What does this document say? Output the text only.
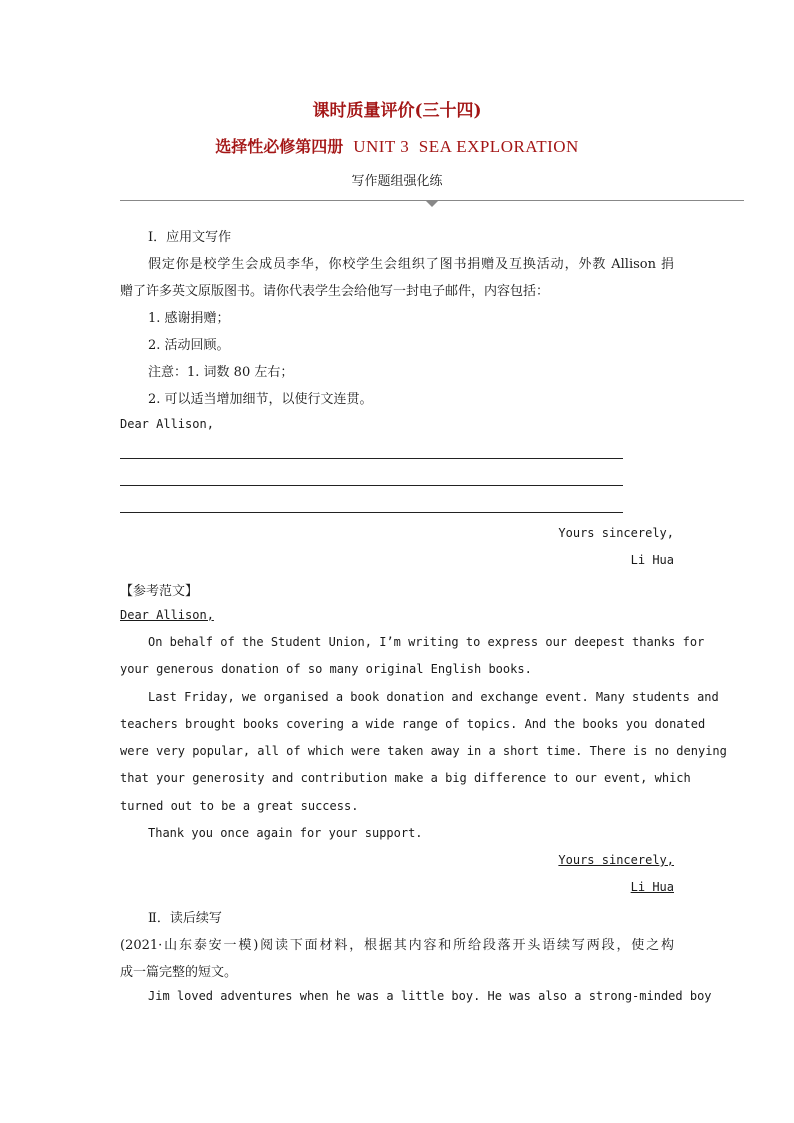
课时质量评价(三十四)
选择性必修第四册 UNIT 3  SEA EXPLORATION
写作题组强化练
Ⅰ．应用文写作
假定你是校学生会成员李华，你校学生会组织了图书捐赠及互换活动，外教 Allison 捐
赠了许多英文原版图书。请你代表学生会给他写一封电子邮件，内容包括：
1. 感谢捐赠；
2. 活动回顾。
注意：1. 词数 80 左右；
2. 可以适当增加细节，以使行文连贯。
Dear Allison,
Yours sincerely,
Li Hua
【参考范文】
Dear Allison,
On behalf of the Student Union, I’m writing to express our deepest thanks for
your generous donation of so many original English books.
Last Friday, we organised a book donation and exchange event. Many students and
teachers brought books covering a wide range of topics. And the books you donated
were very popular, all of which were taken away in a short time. There is no denying
that your generosity and contribution make a big difference to our event, which
turned out to be a great success.
Thank you once again for your support.
Yours sincerely,
Li Hua
Ⅱ．读后续写
(2021·山东泰安一模)阅读下面材料，根据其内容和所给段落开头语续写两段，使之构
成一篇完整的短文。
Jim loved adventures when he was a little boy. He was also a strong-minded boy
